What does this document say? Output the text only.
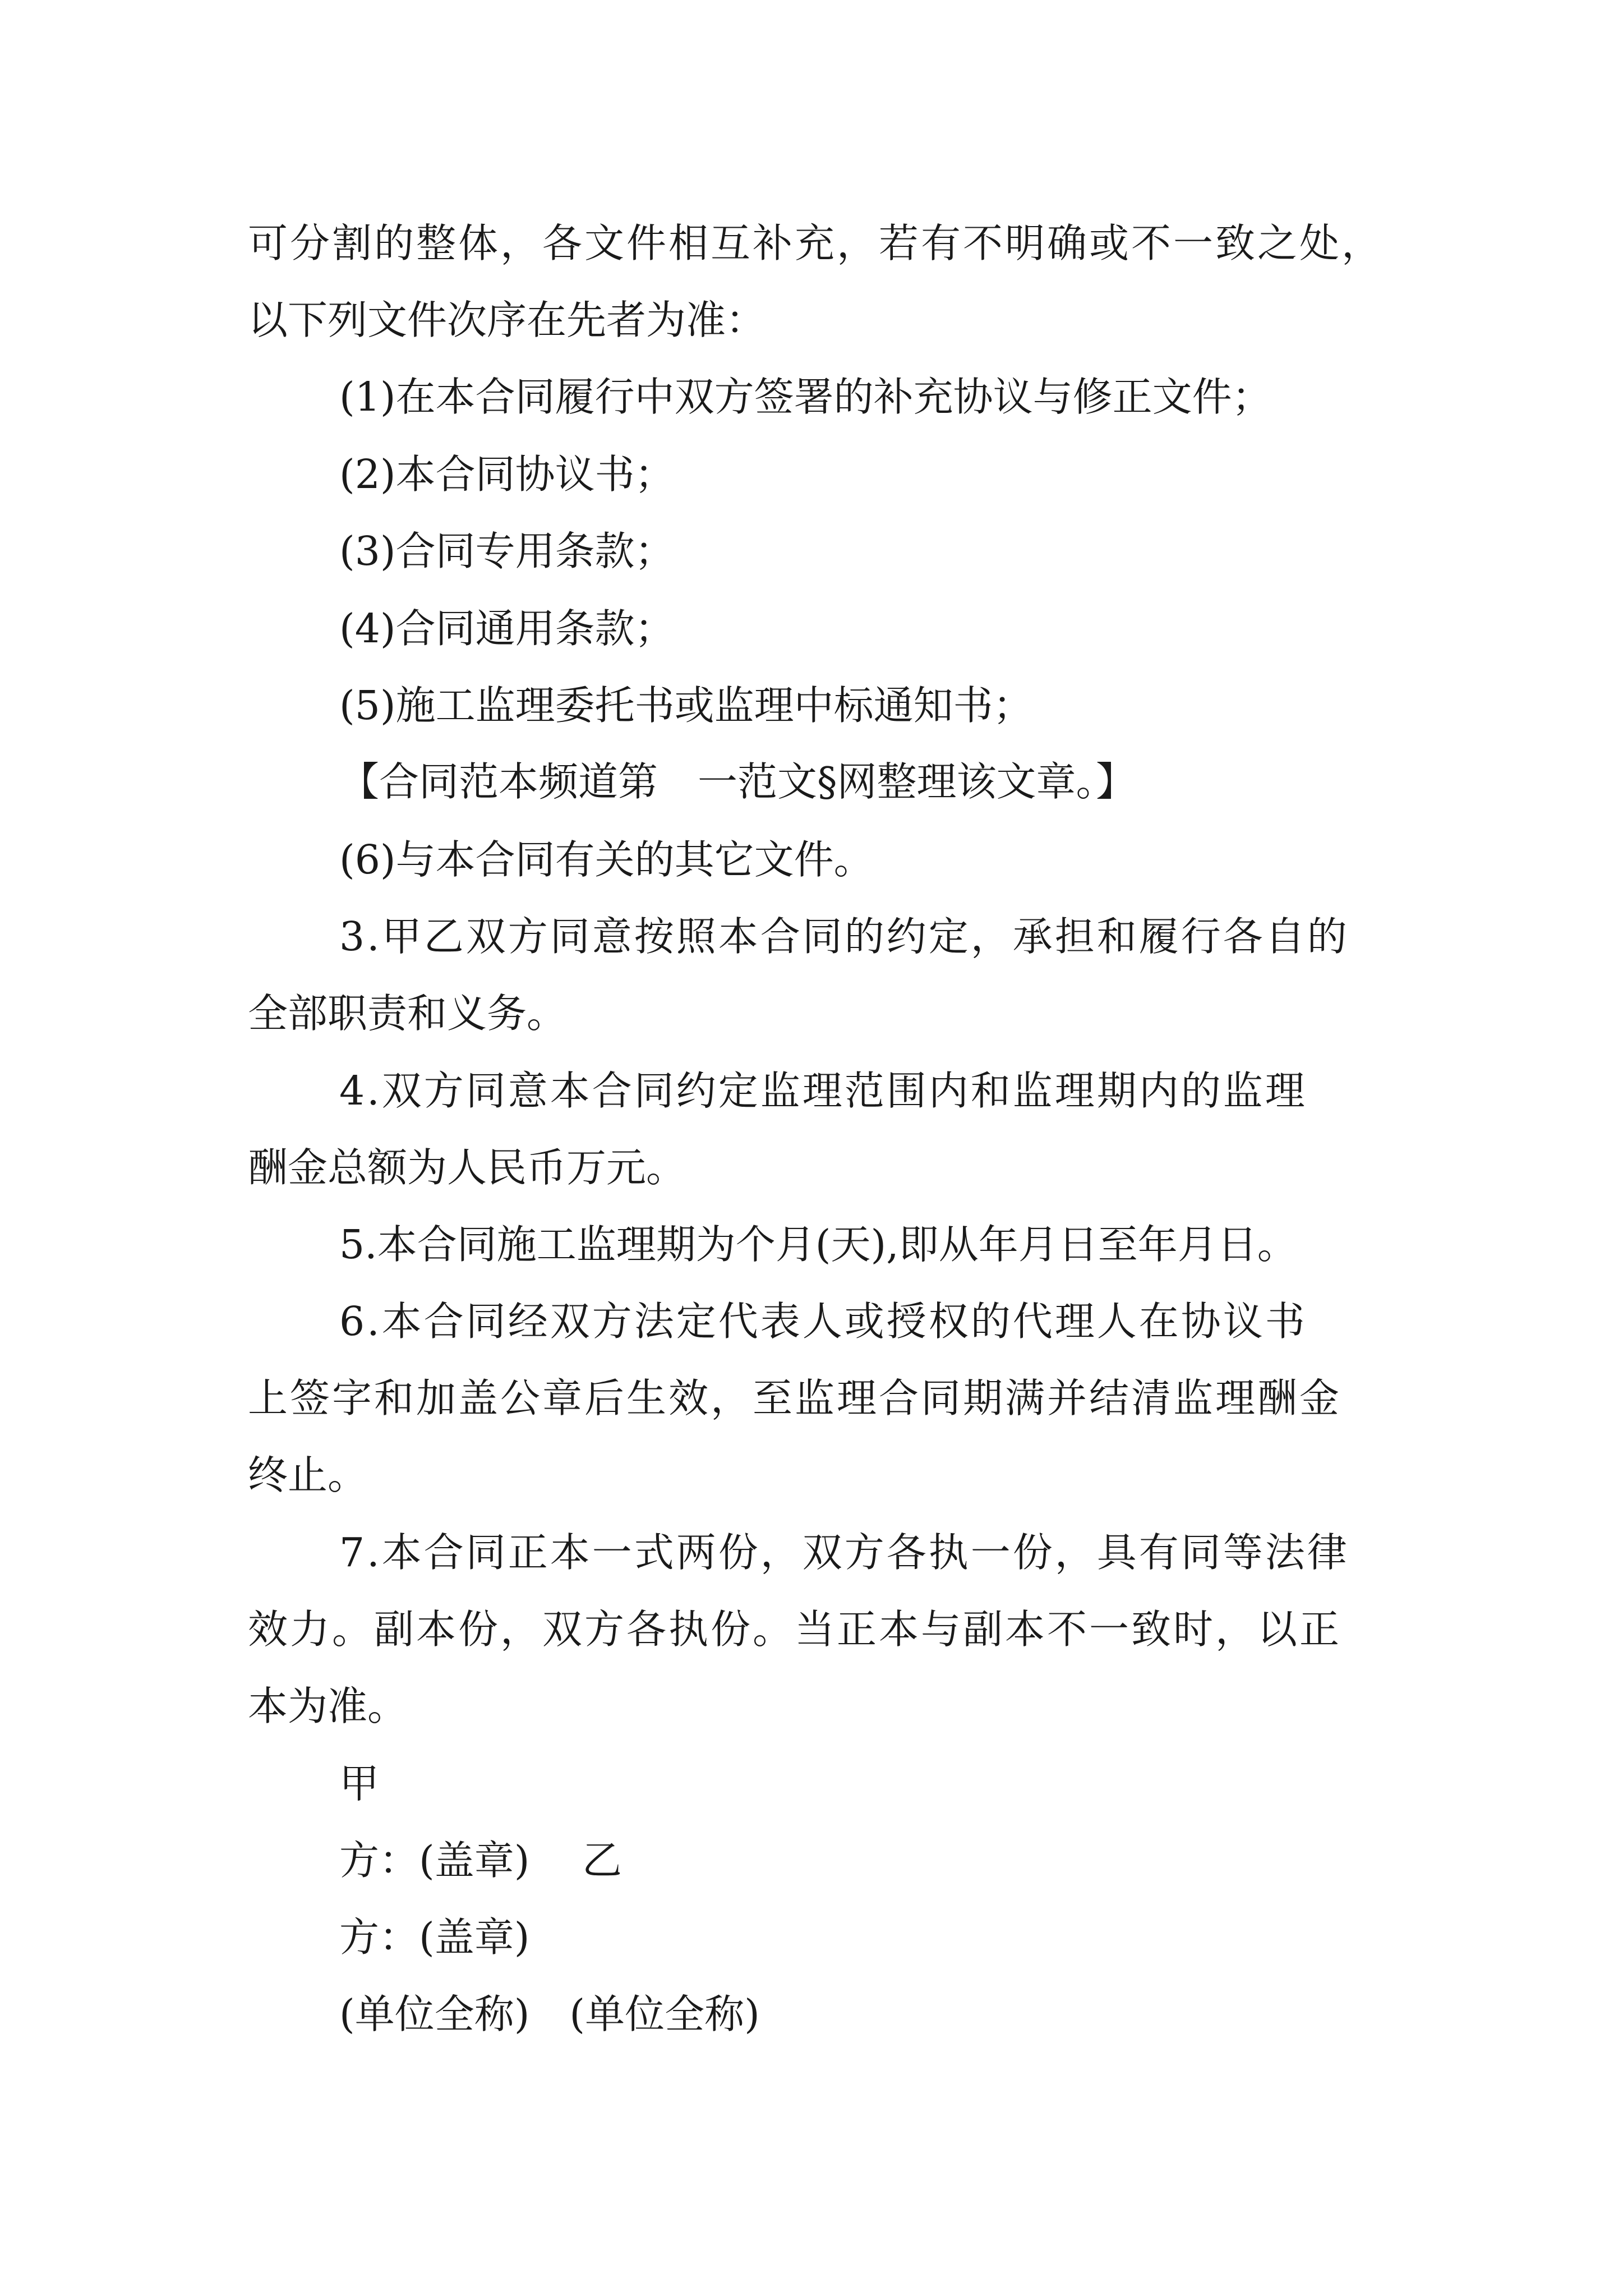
可分割的整体，各文件相互补充，若有不明确或不一致之处，
以下列文件次序在先者为准：
(1)在本合同履行中双方签署的补充协议与修正文件；
(2)本合同协议书；
(3)合同专用条款；
(4)合同通用条款；
(5)施工监理委托书或监理中标通知书；
【合同范本频道第　一范文§网整理该文章。】
(6)与本合同有关的其它文件。
3.甲乙双方同意按照本合同的约定，承担和履行各自的
全部职责和义务。
4.双方同意本合同约定监理范围内和监理期内的监理
酬金总额为人民币万元。
5.本合同施工监理期为个月(天),即从年月日至年月日。
6.本合同经双方法定代表人或授权的代理人在协议书
上签字和加盖公章后生效，至监理合同期满并结清监理酬金
终止。
7.本合同正本一式两份，双方各执一份，具有同等法律
效力。副本份，双方各执份。当正本与副本不一致时，以正
本为准。
甲
方：(盖章)　 乙
方：(盖章)
(单位全称)　(单位全称)
